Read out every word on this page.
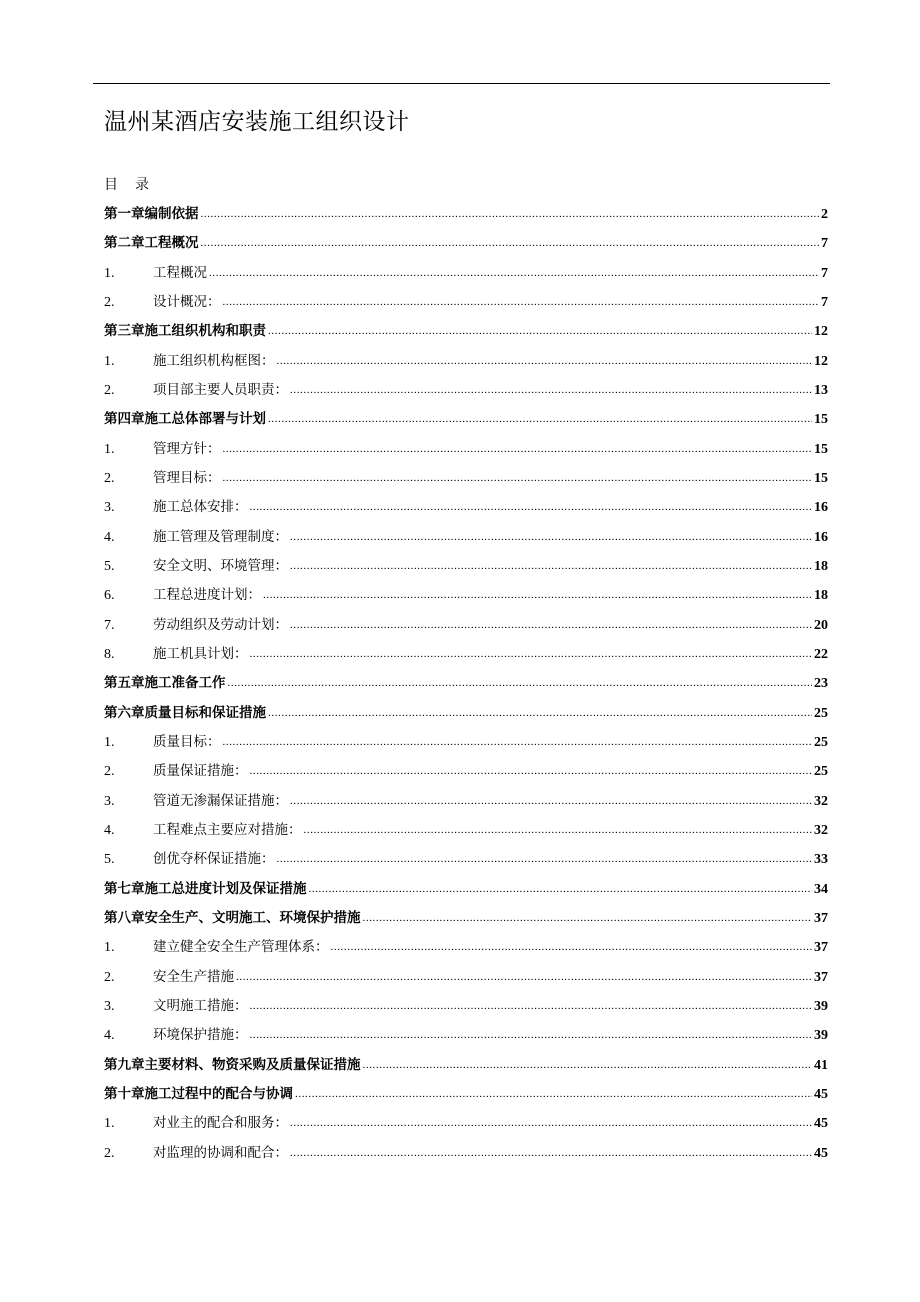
温州某酒店安装施工组织设计
目 录
第一章编制依据 .....	2
第二章工程概况 .....	7
1.	工程概况 .....	7
2.	设计概况： .....	7
第三章施工组织机构和职责 .....	12
1.	施工组织机构框图： .....	12
2.	项目部主要人员职责： .....	13
第四章施工总体部署与计划 .....	15
1.	管理方针： .....	15
2.	管理目标： .....	15
3.	施工总体安排： .....	16
4.	施工管理及管理制度： .....	16
5.	安全文明、环境管理： .....	18
6.	工程总进度计划： .....	18
7.	劳动组织及劳动计划： .....	20
8.	施工机具计划： .....	22
第五章施工准备工作 .....	23
第六章质量目标和保证措施 .....	25
1.	质量目标： .....	25
2.	质量保证措施： .....	25
3.	管道无渗漏保证措施： .....	32
4.	工程难点主要应对措施： .....	32
5.	创优夺杯保证措施： .....	33
第七章施工总进度计划及保证措施 .....	34
第八章安全生产、文明施工、环境保护措施 .....	37
1.	建立健全安全生产管理体系： .....	37
2.	安全生产措施 .....	37
3.	文明施工措施： .....	39
4.	环境保护措施： .....	39
第九章主要材料、物资采购及质量保证措施 .....	41
第十章施工过程中的配合与协调 .....	45
1.	对业主的配合和服务： .....	45
2.	对监理的协调和配合： .....	45
